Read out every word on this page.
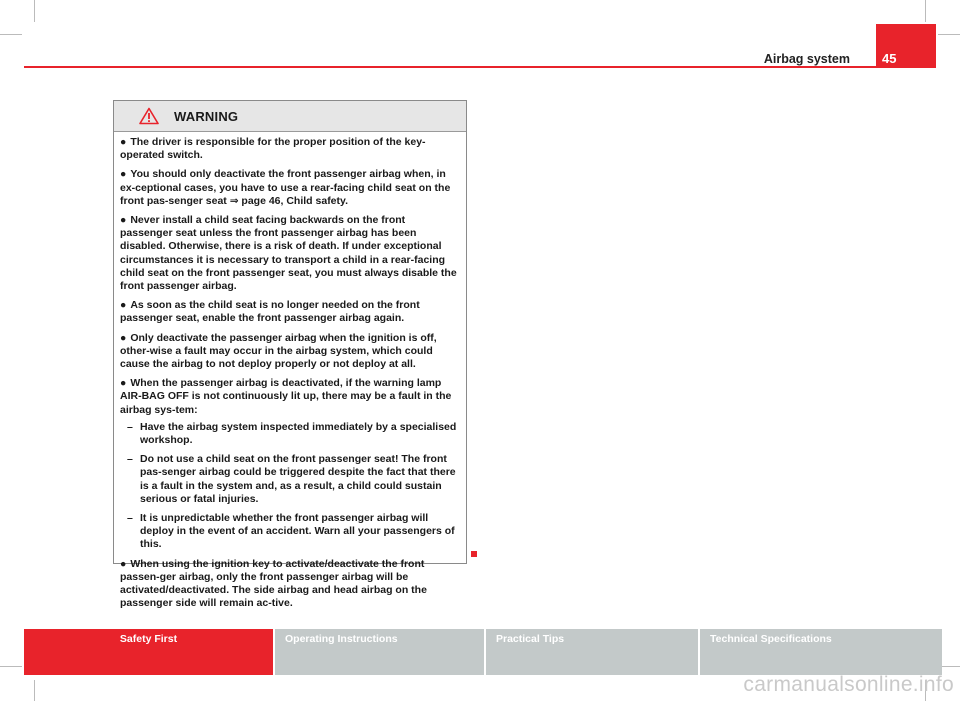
Airbag system	45
WARNING

● The driver is responsible for the proper position of the key-operated switch.

● You should only deactivate the front passenger airbag when, in ex-ceptional cases, you have to use a rear-facing child seat on the front pas-senger seat ⇒ page 46, Child safety.

● Never install a child seat facing backwards on the front passenger seat unless the front passenger airbag has been disabled. Otherwise, there is a risk of death. If under exceptional circumstances it is necessary to transport a child in a rear-facing child seat on the front passenger seat, you must always disable the front passenger airbag.

● As soon as the child seat is no longer needed on the front passenger seat, enable the front passenger airbag again.

● Only deactivate the passenger airbag when the ignition is off, other-wise a fault may occur in the airbag system, which could cause the airbag to not deploy properly or not deploy at all.

● When the passenger airbag is deactivated, if the warning lamp AIR-BAG OFF is not continuously lit up, there may be a fault in the airbag sys-tem:

– Have the airbag system inspected immediately by a specialised workshop.

– Do not use a child seat on the front passenger seat! The front pas-senger airbag could be triggered despite the fact that there is a fault in the system and, as a result, a child could sustain serious or fatal injuries.

– It is unpredictable whether the front passenger airbag will deploy in the event of an accident. Warn all your passengers of this.

● When using the ignition key to activate/deactivate the front passen-ger airbag, only the front passenger airbag will be activated/deactivated. The side airbag and head airbag on the passenger side will remain ac-tive.

Safety First	Operating Instructions	Practical Tips	Technical Specifications
carmanualsonline.info
